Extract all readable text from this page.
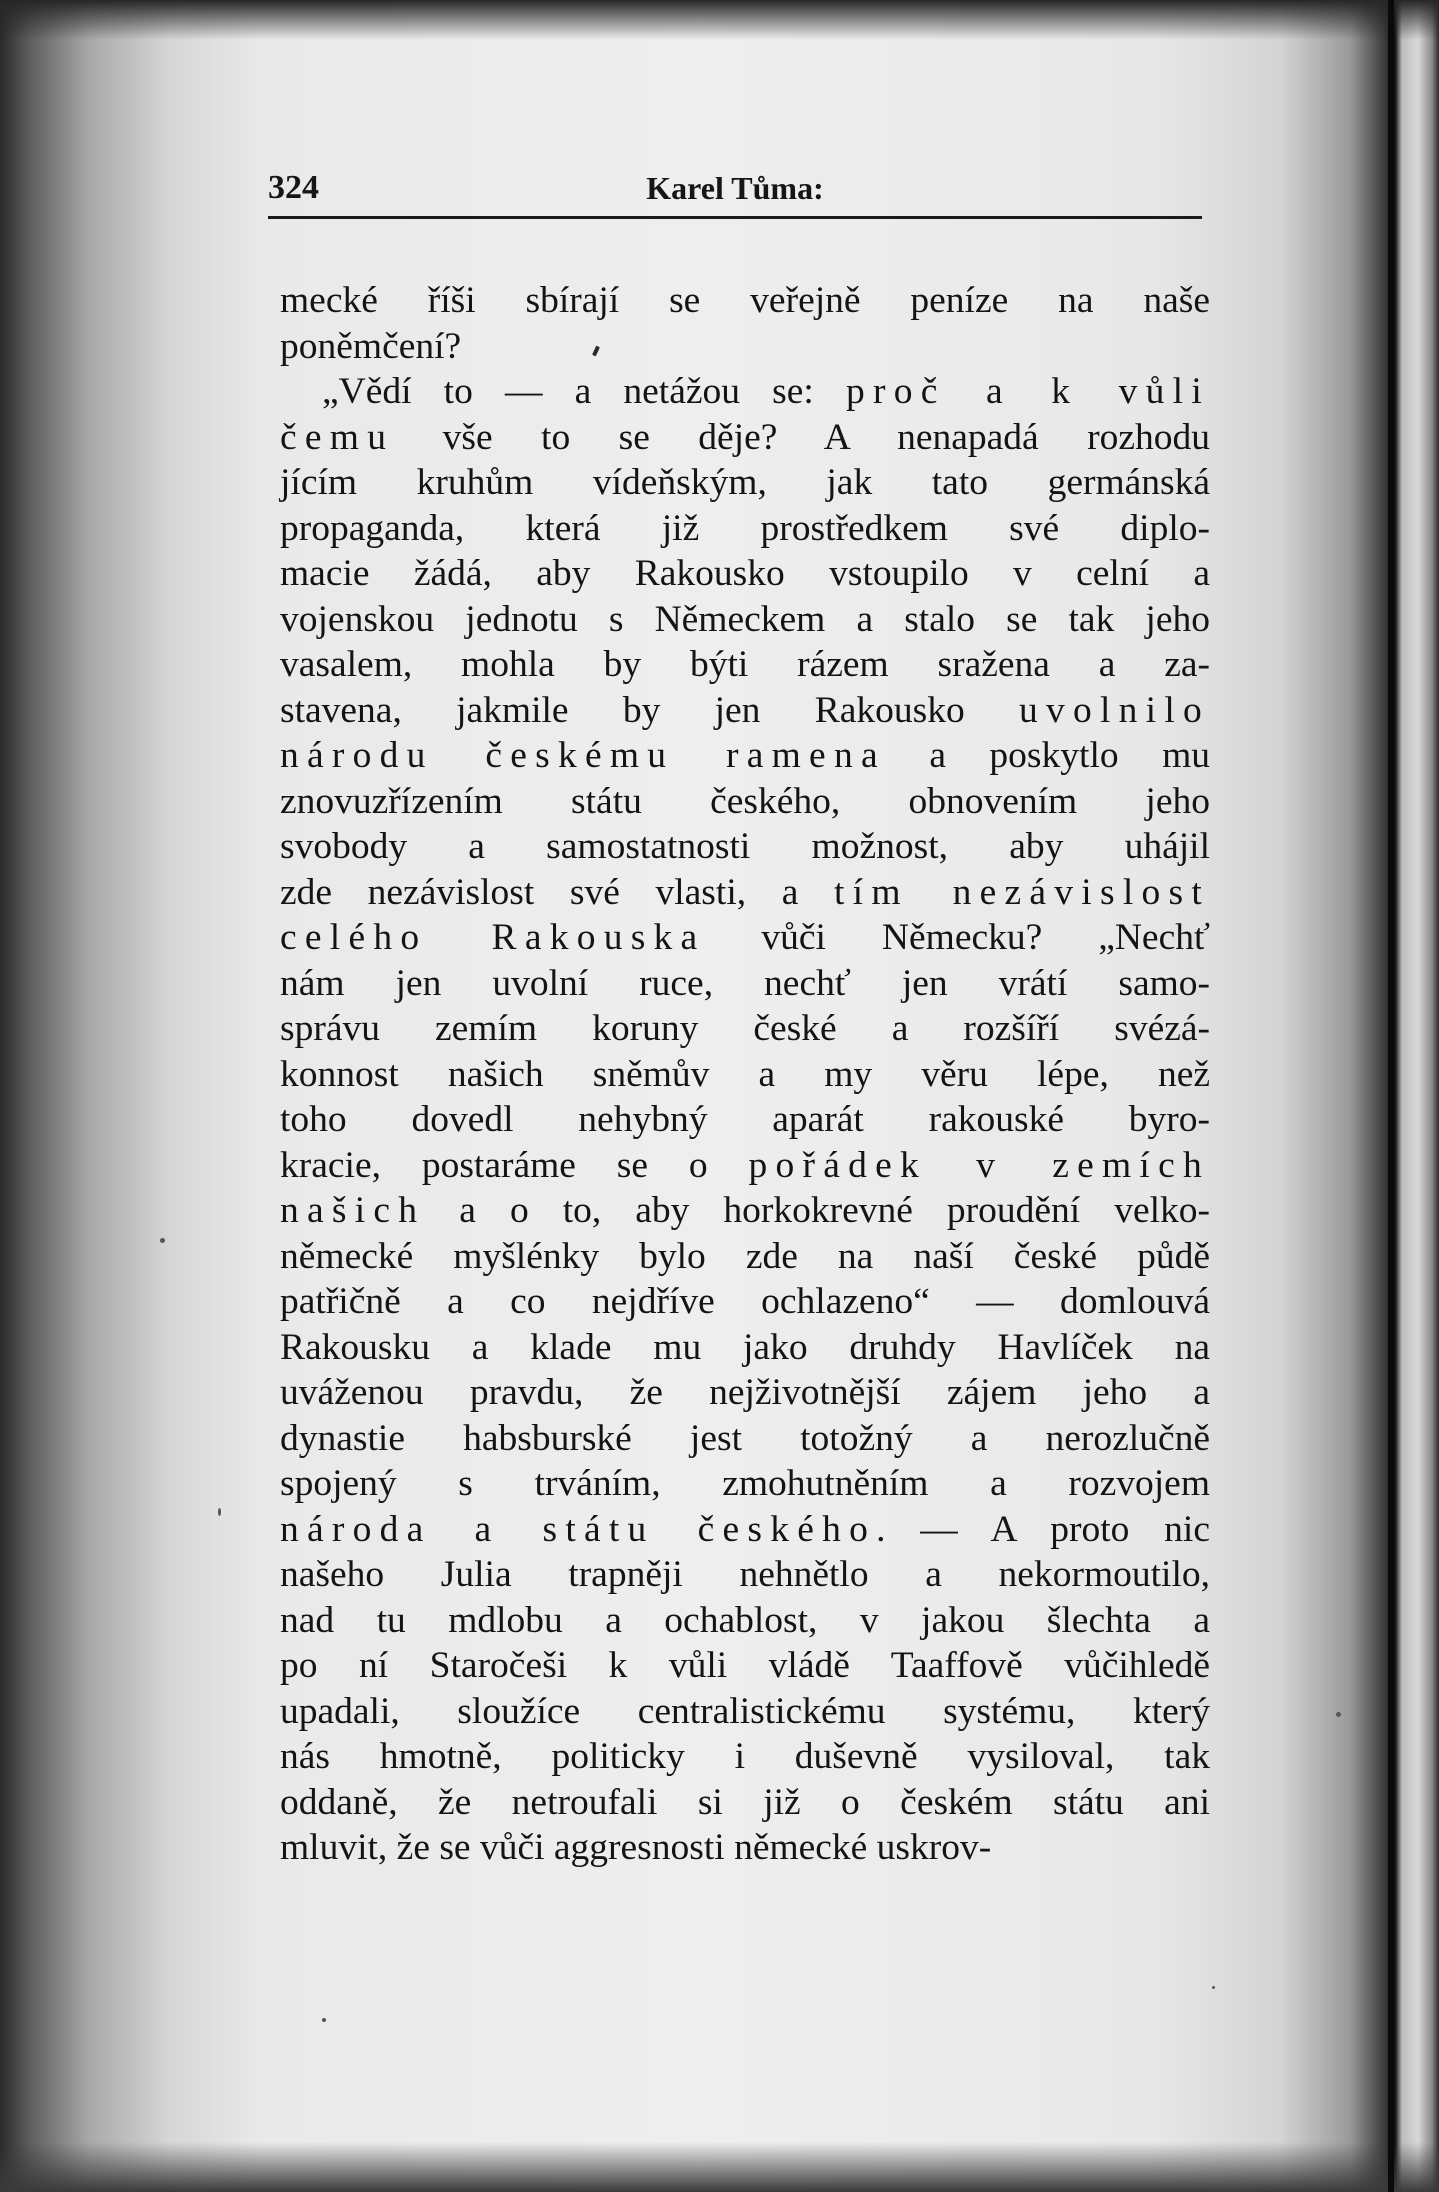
324	Karel Tůma:
mecké říši sbírají se veřejně peníze na naše
poněmčení?
„Vědí to — a netážou se: proč a k vůli
čemu vše to se děje? A nenapadá rozhodu
jícím kruhům vídeňským, jak tato germánská
propaganda, která již prostředkem své diplo-
macie žádá, aby Rakousko vstoupilo v celní a
vojenskou jednotu s Německem a stalo se tak jeho
vasalem, mohla by býti rázem sražena a za-
stavena, jakmile by jen Rakousko uvolnilo
národu českému ramena a poskytlo mu
znovuzřízením státu českého, obnovením jeho
svobody a samostatnosti možnost, aby uhájil
zde nezávislost své vlasti, a tím nezávislost
celého Rakouska vůči Německu? „Nechť
nám jen uvolní ruce, nechť jen vrátí samo-
správu zemím koruny české a rozšíří svézá-
konnost našich sněmův a my věru lépe, než
toho dovedl nehybný aparát rakouské byro-
kracie, postaráme se o pořádek v zemích
našich a o to, aby horkokrevné proudění velko-
německé myšlénky bylo zde na naší české půdě
patřičně a co nejdříve ochlazeno“ — domlouvá
Rakousku a klade mu jako druhdy Havlíček na
uváženou pravdu, že nejživotnější zájem jeho a
dynastie habsburské jest totožný a nerozlučně
spojený s trváním, zmohutněním a rozvojem
národa a státu českého. — A proto nic
našeho Julia trapněji nehnětlo a nekormoutilo,
nad tu mdlobu a ochablost, v jakou šlechta a
po ní Staročeši k vůli vládě Taaffově vůčihledě
upadali, sloužíce centralistickému systému, který
nás hmotně, politicky i duševně vysiloval, tak
oddaně, že netroufali si již o českém státu ani
mluvit, že se vůči aggresnosti německé uskrov-
